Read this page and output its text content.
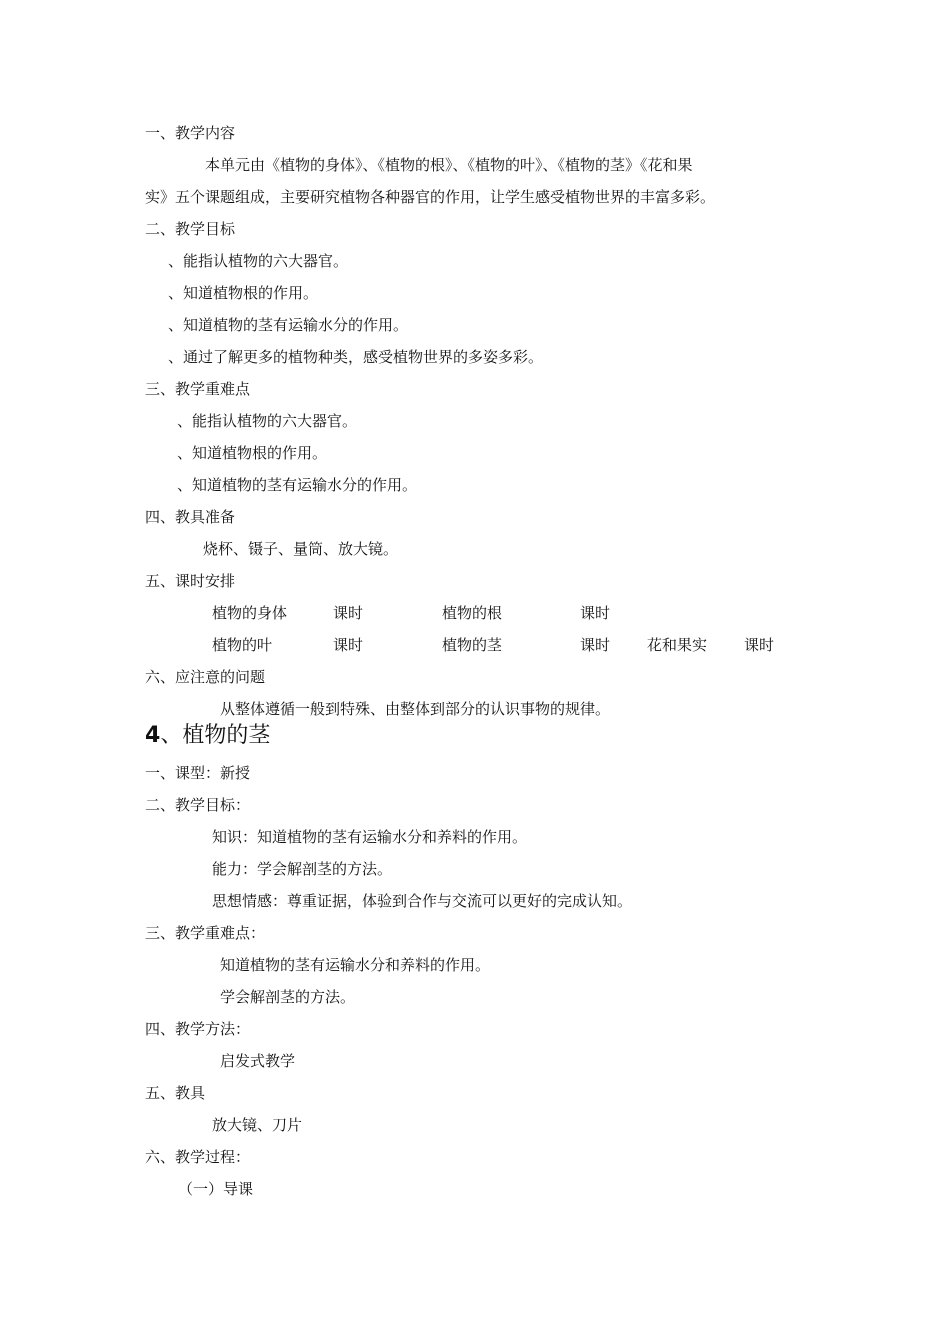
一、教学内容
本单元由《植物的身体》、《植物的根》、《植物的叶》、《植物的茎》《花和果
实》五个课题组成，主要研究植物各种器官的作用，让学生感受植物世界的丰富多彩。
二、教学目标
、能指认植物的六大器官。
、知道植物根的作用。
、知道植物的茎有运输水分的作用。
、通过了解更多的植物种类，感受植物世界的多姿多彩。
三、教学重难点
、能指认植物的六大器官。
、知道植物根的作用。
、知道植物的茎有运输水分的作用。
四、教具准备
烧杯、镊子、量筒、放大镜。
五、课时安排
植物的身体	课时	植物的根	课时
植物的叶	课时	植物的茎	课时 花和果实 课时
六、应注意的问题
从整体遵循一般到特殊、由整体到部分的认识事物的规律。
4、植物的茎
一、课型：新授
二、教学目标：
知识：知道植物的茎有运输水分和养料的作用。
能力：学会解剖茎的方法。
思想情感：尊重证据，体验到合作与交流可以更好的完成认知。
三、教学重难点：
知道植物的茎有运输水分和养料的作用。
学会解剖茎的方法。
四、教学方法：
启发式教学
五、教具
放大镜、刀片
六、教学过程：
（一）导课
